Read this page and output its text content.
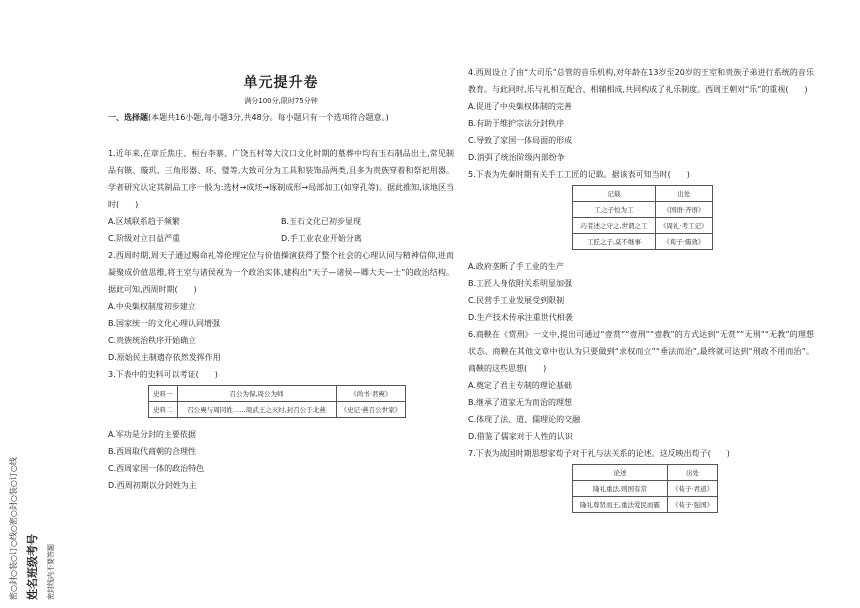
密○封○装○订○线○密○封○装○订○线 姓名班级考号 密封线内不要答题
单元提升卷
满分100分,限时75分钟
一、选择题(本题共16小题,每小题3分,共48分。每小题只有一个选项符合题意。)

1.近年来,在章丘焦庄、桓台李寨、广饶五村等大汶口文化时期的墓葬中均有玉石制品出土,常见制品有镞、璇玑、三角形器、环、璧等,大致可分为工具和装饰品两类,且多为贵族穿着和祭祀用器。学者研究认定其制品工序一般为:选材→成坯→琢制成形→局部加工(如穿孔等)。据此推知,该地区当时(　　)

A.区域联系趋于频繁	B.玉石文化已初步显现
C.阶级对立日益严重	D.手工业农业开始分离

2.西周时期,周天子通过赐命礼等伦理定位与价值操演获得了整个社会的心理认同与精神信仰,进而凝聚成价值思维,将王室与诸侯视为一个政治实体,建构出“天子—诸侯—卿大夫—士”的政治结构。据此可知,西周时期(　　)

A.中央集权制度初步建立
B.国家统一的文化心理认同增强
C.贵族统治秩序开始确立
D.原始民主制遗存依然发挥作用

3.下表中的史料可以考证(　　)

史料一	召公为保,周公为师	《尚书·君奭》
史料二	召公奭与周同姓……周武王之灭纣,封召公于北燕	《史记·燕召公世家》
A.军功是分封的主要依据
B.西周取代商朝的合理性
C.西周家国一体的政治特色
D.西周初期以分封姓为主

4.西周设立了由“大司乐”总管的音乐机构,对年龄在13岁至20岁的王室和贵族子弟进行系统的音乐教育。与此同时,乐与礼相互配合、相辅相成,共同构成了礼乐制度。西周王朝对“乐”的重视(　　)

A.促进了中央集权体制的完善
B.有助于维护宗法分封秩序
C.导致了家国一体局面的形成
D.消弭了统治阶级内部纷争

5.下表为先秦时期有关手工工匠的记载。据该表可知当时(　　)

记载	出处
工之子恒为工	《国语·齐语》
巧者述之守之,世谓之工	《周礼·考工记》
工匠之子,莫不继事	《荀子·儒效》
A.政府垄断了手工业的生产
B.工匠人身依附关系明显加强
C.民营手工业发展受到限制
D.生产技术传承注重世代相袭

6.商鞅在《赏刑》一文中,提出可通过“壹赏”“壹刑”“壹教”的方式达到“无赏”“无刑”“无教”的理想状态。商鞅在其他文章中也认为只要做到“求权而立”“垂法而治”,最终就可达到“刑政不用而治”。商鞅的这些思想(　　)

A.奠定了君主专制的理论基础
B.继承了道家无为而治的理想
C.体现了法、道、儒理论的交融
D.借鉴了儒家对于人性的认识

7.下表为战国时期思想家荀子对于礼与法关系的论述。这反映出荀子(　　)

论述	出处
隆礼重法,则国有常	《荀子·君道》
隆礼尊贤而王,重法爱民而霸	《荀子·强国》
